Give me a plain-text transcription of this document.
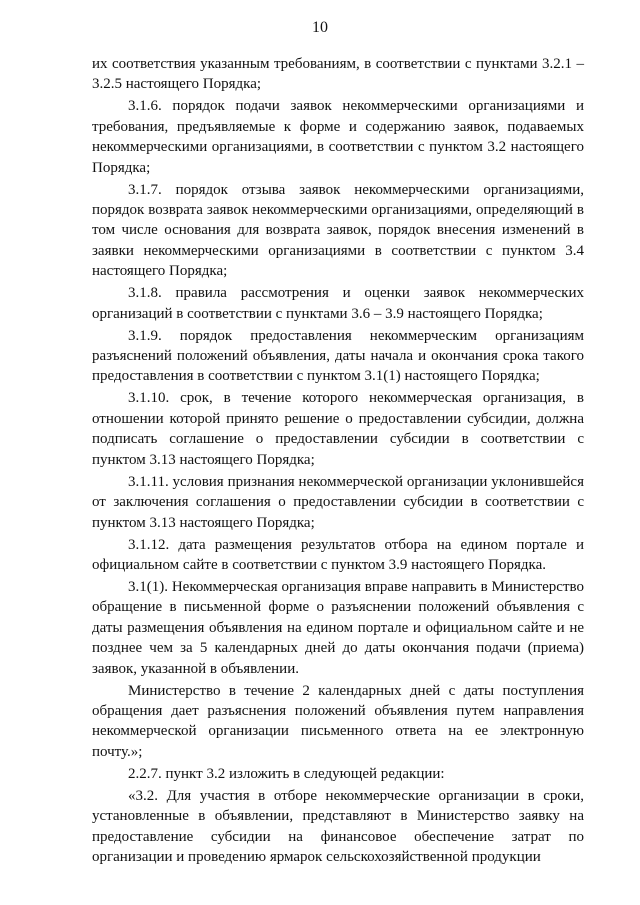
10

их соответствия указанным требованиям, в соответствии с пунктами 3.2.1 – 3.2.5 настоящего Порядка;

3.1.6. порядок подачи заявок некоммерческими организациями и требования, предъявляемые к форме и содержанию заявок, подаваемых некоммерческими организациями, в соответствии с пунктом 3.2 настоящего Порядка;

3.1.7. порядок отзыва заявок некоммерческими организациями, порядок возврата заявок некоммерческими организациями, определяющий в том числе основания для возврата заявок, порядок внесения изменений в заявки некоммерческими организациями в соответствии с пунктом 3.4 настоящего Порядка;

3.1.8. правила рассмотрения и оценки заявок некоммерческих организаций в соответствии с пунктами 3.6 – 3.9 настоящего Порядка;

3.1.9. порядок предоставления некоммерческим организациям разъяснений положений объявления, даты начала и окончания срока такого предоставления в соответствии с пунктом 3.1(1) настоящего Порядка;

3.1.10. срок, в течение которого некоммерческая организация, в отношении которой принято решение о предоставлении субсидии, должна подписать соглашение о предоставлении субсидии в соответствии с пунктом 3.13 настоящего Порядка;

3.1.11. условия признания некоммерческой организации уклонившейся от заключения соглашения о предоставлении субсидии в соответствии с пунктом 3.13 настоящего Порядка;

3.1.12. дата размещения результатов отбора на едином портале и официальном сайте в соответствии с пунктом 3.9 настоящего Порядка.

3.1(1). Некоммерческая организация вправе направить в Министерство обращение в письменной форме о разъяснении положений объявления с даты размещения объявления на едином портале и официальном сайте и не позднее чем за 5 календарных дней до даты окончания подачи (приема) заявок, указанной в объявлении.

Министерство в течение 2 календарных дней с даты поступления обращения дает разъяснения положений объявления путем направления некоммерческой организации письменного ответа на ее электронную почту.»;

2.2.7. пункт 3.2 изложить в следующей редакции:

«3.2. Для участия в отборе некоммерческие организации в сроки, установленные в объявлении, представляют в Министерство заявку на предоставление субсидии на финансовое обеспечение затрат по организации и проведению ярмарок сельскохозяйственной продукции
